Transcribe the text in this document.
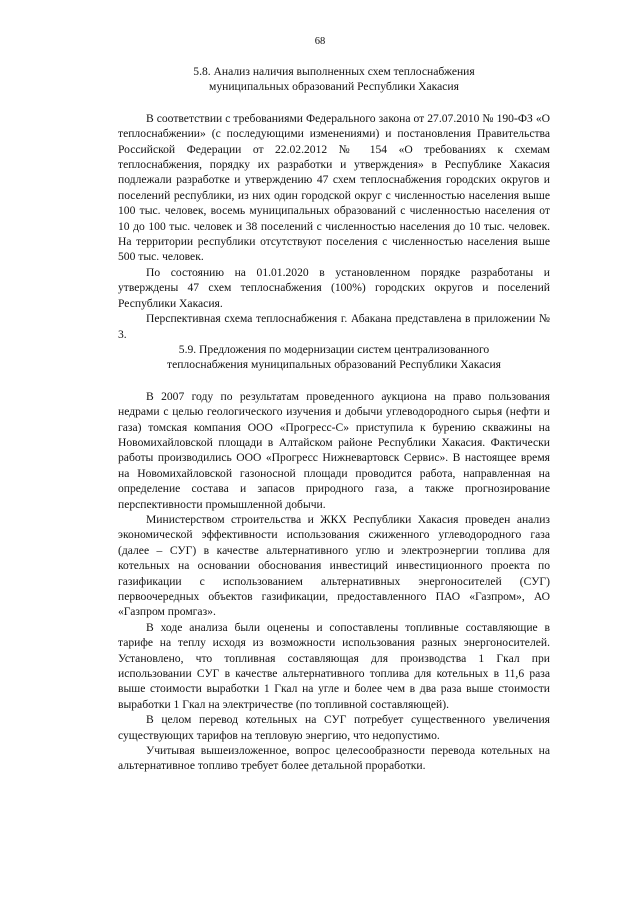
68
5.8. Анализ наличия выполненных схем теплоснабжения
муниципальных образований Республики Хакасия

В соответствии с требованиями Федерального закона от 27.07.2010 № 190-ФЗ «О теплоснабжении» (с последующими изменениями) и постановления Правительства Российской Федерации от 22.02.2012 № 154 «О требованиях к схемам теплоснабжения, порядку их разработки и утверждения» в Республике Хакасия подлежали разработке и утверждению 47 схем теплоснабжения городских округов и поселений республики, из них один городской округ с численностью населения выше 100 тыс. человек, восемь муниципальных образований с численностью населения от 10 до 100 тыс. человек и 38 поселений с численностью населения до 10 тыс. человек. На территории республики отсутствуют поселения с численностью населения выше 500 тыс. человек.

По состоянию на 01.01.2020 в установленном порядке разработаны и утверждены 47 схем теплоснабжения (100%) городских округов и поселений Республики Хакасия.

Перспективная схема теплоснабжения г. Абакана представлена в приложении № 3.

5.9. Предложения по модернизации систем централизованного
теплоснабжения муниципальных образований Республики Хакасия

В 2007 году по результатам проведенного аукциона на право пользования недрами с целью геологического изучения и добычи углеводородного сырья (нефти и газа) томская компания ООО «Прогресс-С» приступила к бурению скважины на Новомихайловской площади в Алтайском районе Республики Хакасия. Фактически работы производились ООО «Прогресс Нижневартовск Сервис». В настоящее время на Новомихайловской газоносной площади проводится работа, направленная на определение состава и запасов природного газа, а также прогнозирование перспективности промышленной добычи.

Министерством строительства и ЖКХ Республики Хакасия проведен анализ экономической эффективности использования сжиженного углеводородного газа (далее – СУГ) в качестве альтернативного углю и электроэнергии топлива для котельных на основании обоснования инвестиций инвестиционного проекта по газификации с использованием альтернативных энергоносителей (СУГ) первоочередных объектов газификации, предоставленного ПАО «Газпром», АО «Газпром промгаз».

В ходе анализа были оценены и сопоставлены топливные составляющие в тарифе на теплу исходя из возможности использования разных энергоносителей. Установлено, что топливная составляющая для производства 1 Гкал при использовании СУГ в качестве альтернативного топлива для котельных в 11,6 раза выше стоимости выработки 1 Гкал на угле и более чем в два раза выше стоимости выработки 1 Гкал на электричестве (по топливной составляющей).

В целом перевод котельных на СУГ потребует существенного увеличения существующих тарифов на тепловую энергию, что недопустимо.

Учитывая вышеизложенное, вопрос целесообразности перевода котельных на альтернативное топливо требует более детальной проработки.
